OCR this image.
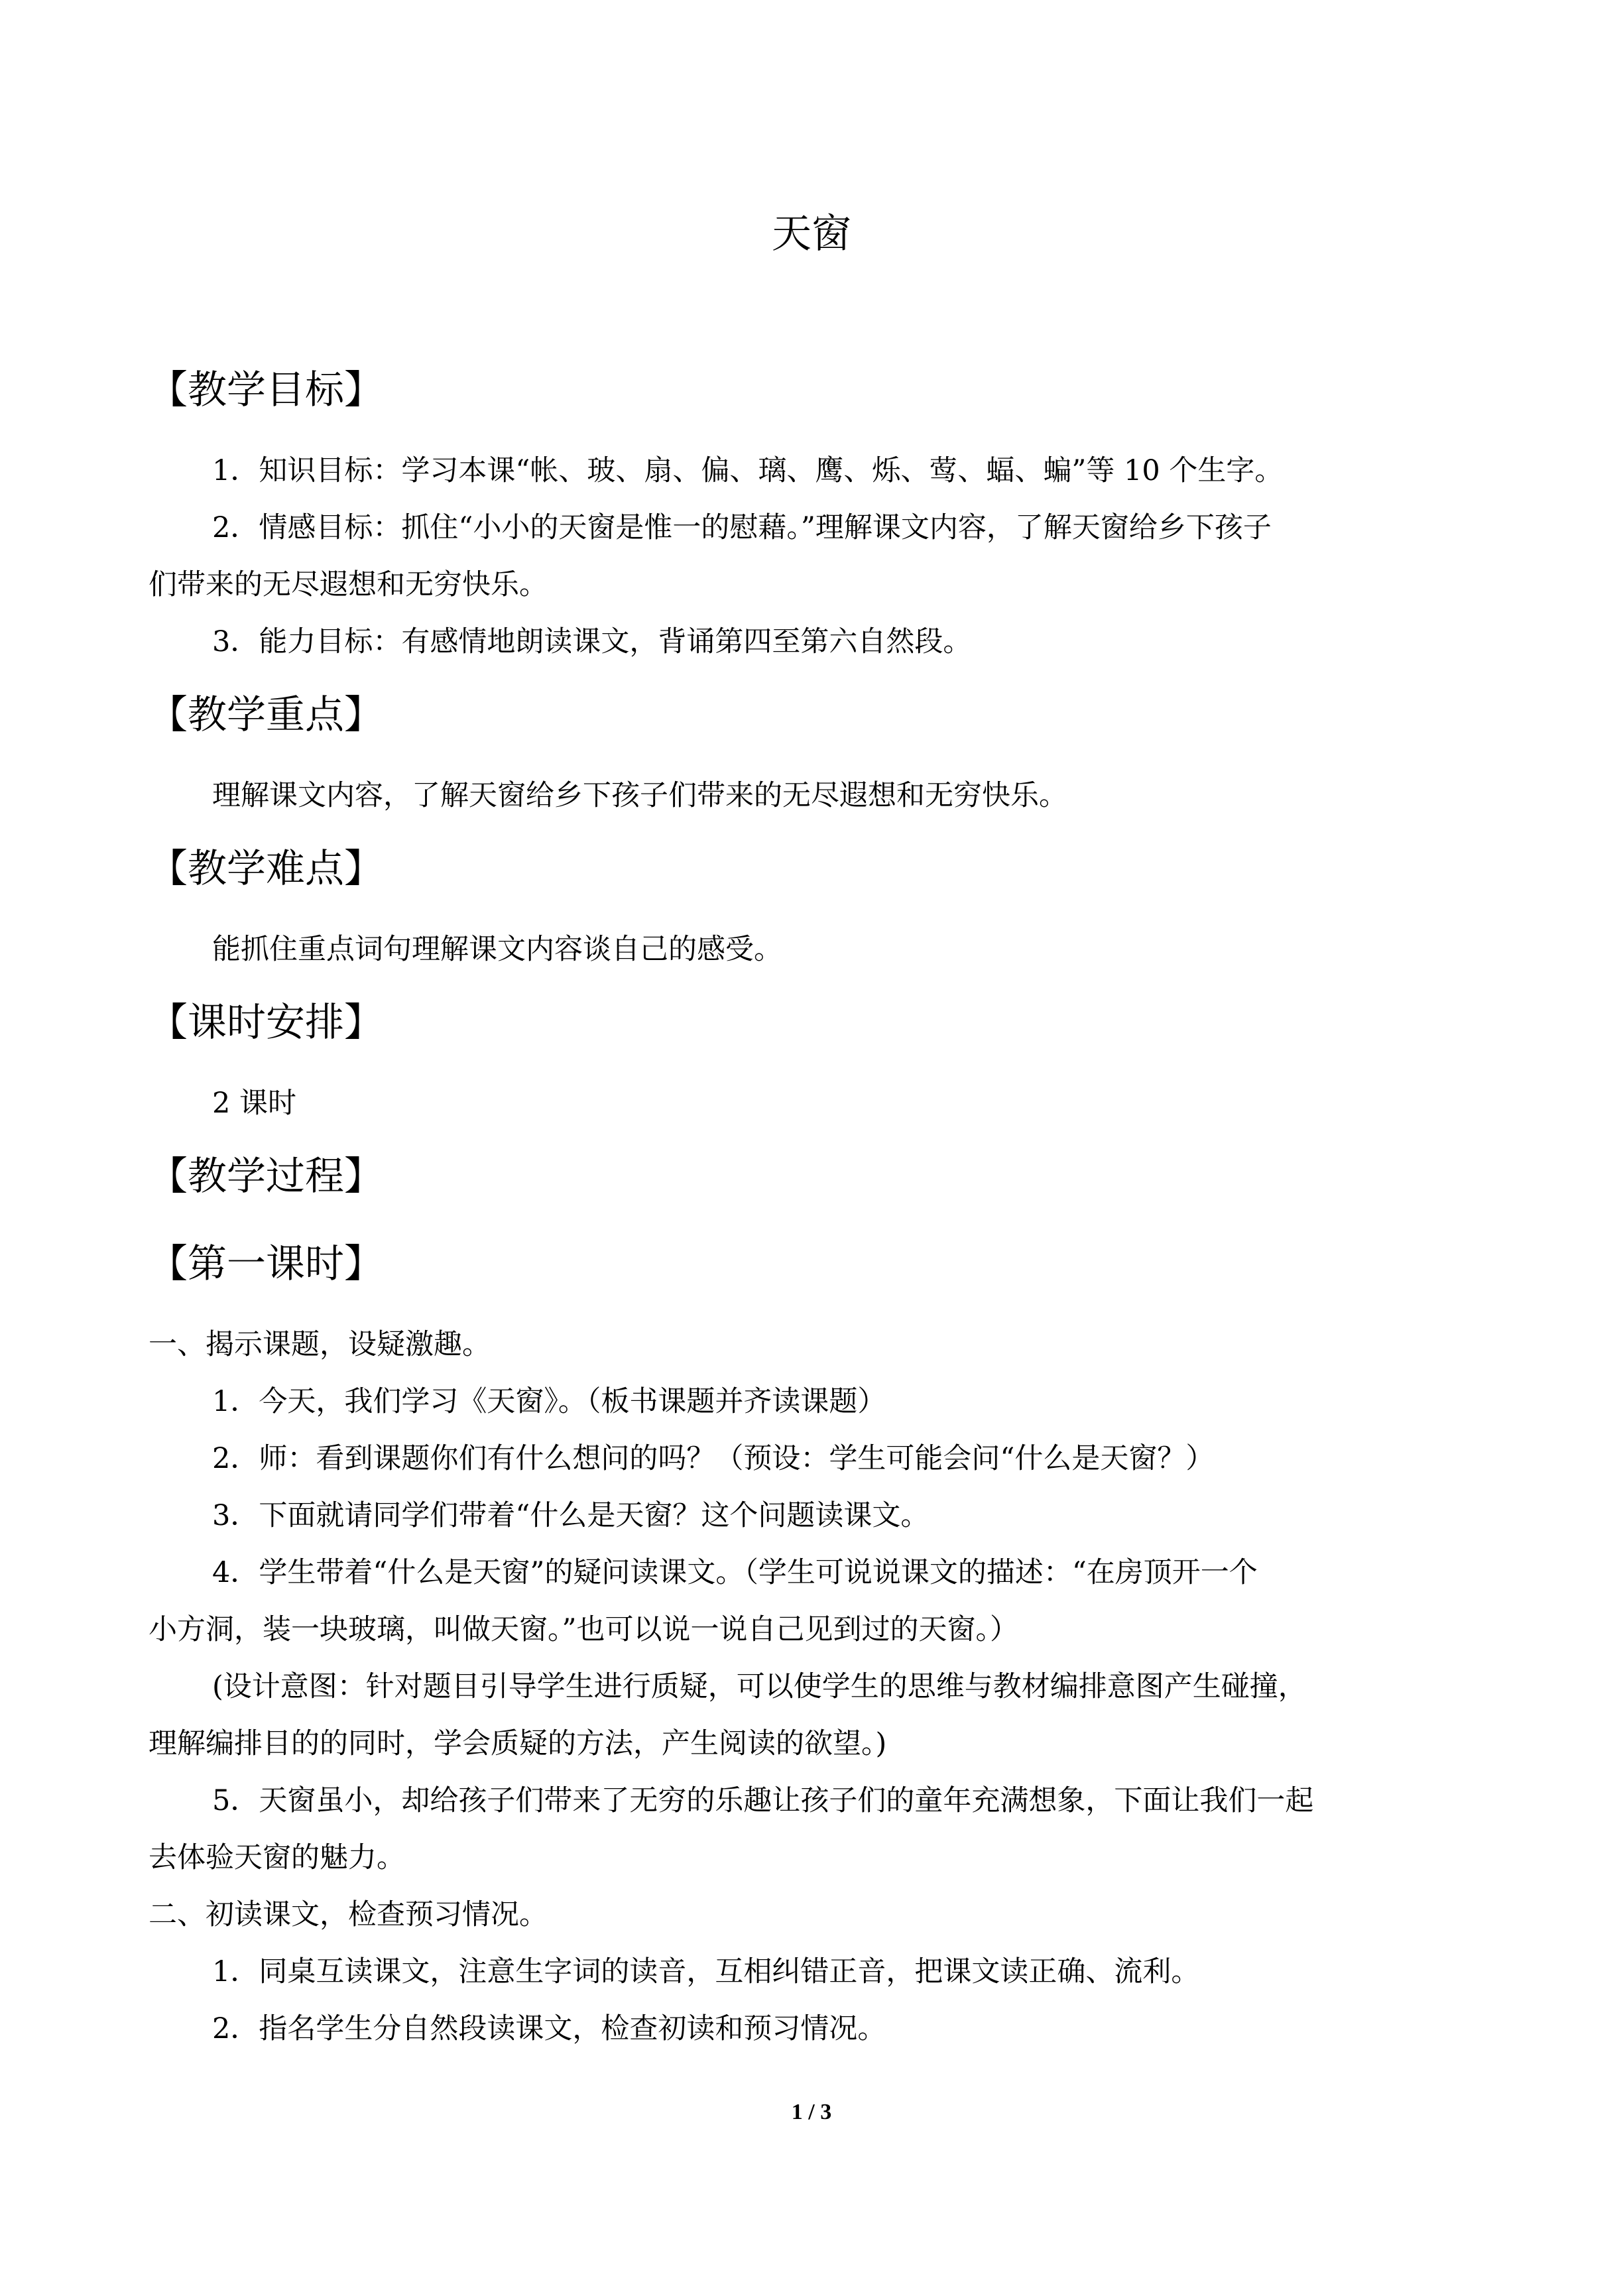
天窗
【教学目标】
1．知识目标：学习本课“帐、玻、扇、偏、璃、鹰、烁、莺、蝠、蝙”等 10 个生字。
2．情感目标：抓住“小小的天窗是惟一的慰藉。”理解课文内容，了解天窗给乡下孩子
们带来的无尽遐想和无穷快乐。
3．能力目标：有感情地朗读课文，背诵第四至第六自然段。
【教学重点】
理解课文内容，了解天窗给乡下孩子们带来的无尽遐想和无穷快乐。
【教学难点】
能抓住重点词句理解课文内容谈自己的感受。
【课时安排】
2 课时
【教学过程】
【第一课时】
一、揭示课题，设疑激趣。
1．今天，我们学习《天窗》。（板书课题并齐读课题）
2．师：看到课题你们有什么想问的吗？（预设：学生可能会问“什么是天窗？）
3．下面就请同学们带着“什么是天窗？这个问题读课文。
4．学生带着“什么是天窗”的疑问读课文。（学生可说说课文的描述：“在房顶开一个
小方洞，装一块玻璃，叫做天窗。”也可以说一说自己见到过的天窗。）
(设计意图：针对题目引导学生进行质疑，可以使学生的思维与教材编排意图产生碰撞，
理解编排目的的同时，学会质疑的方法，产生阅读的欲望。)
5．天窗虽小，却给孩子们带来了无穷的乐趣让孩子们的童年充满想象，下面让我们一起
去体验天窗的魅力。
二、初读课文，检查预习情况。
1．同桌互读课文，注意生字词的读音，互相纠错正音，把课文读正确、流利。
2．指名学生分自然段读课文，检查初读和预习情况。
1 / 3
